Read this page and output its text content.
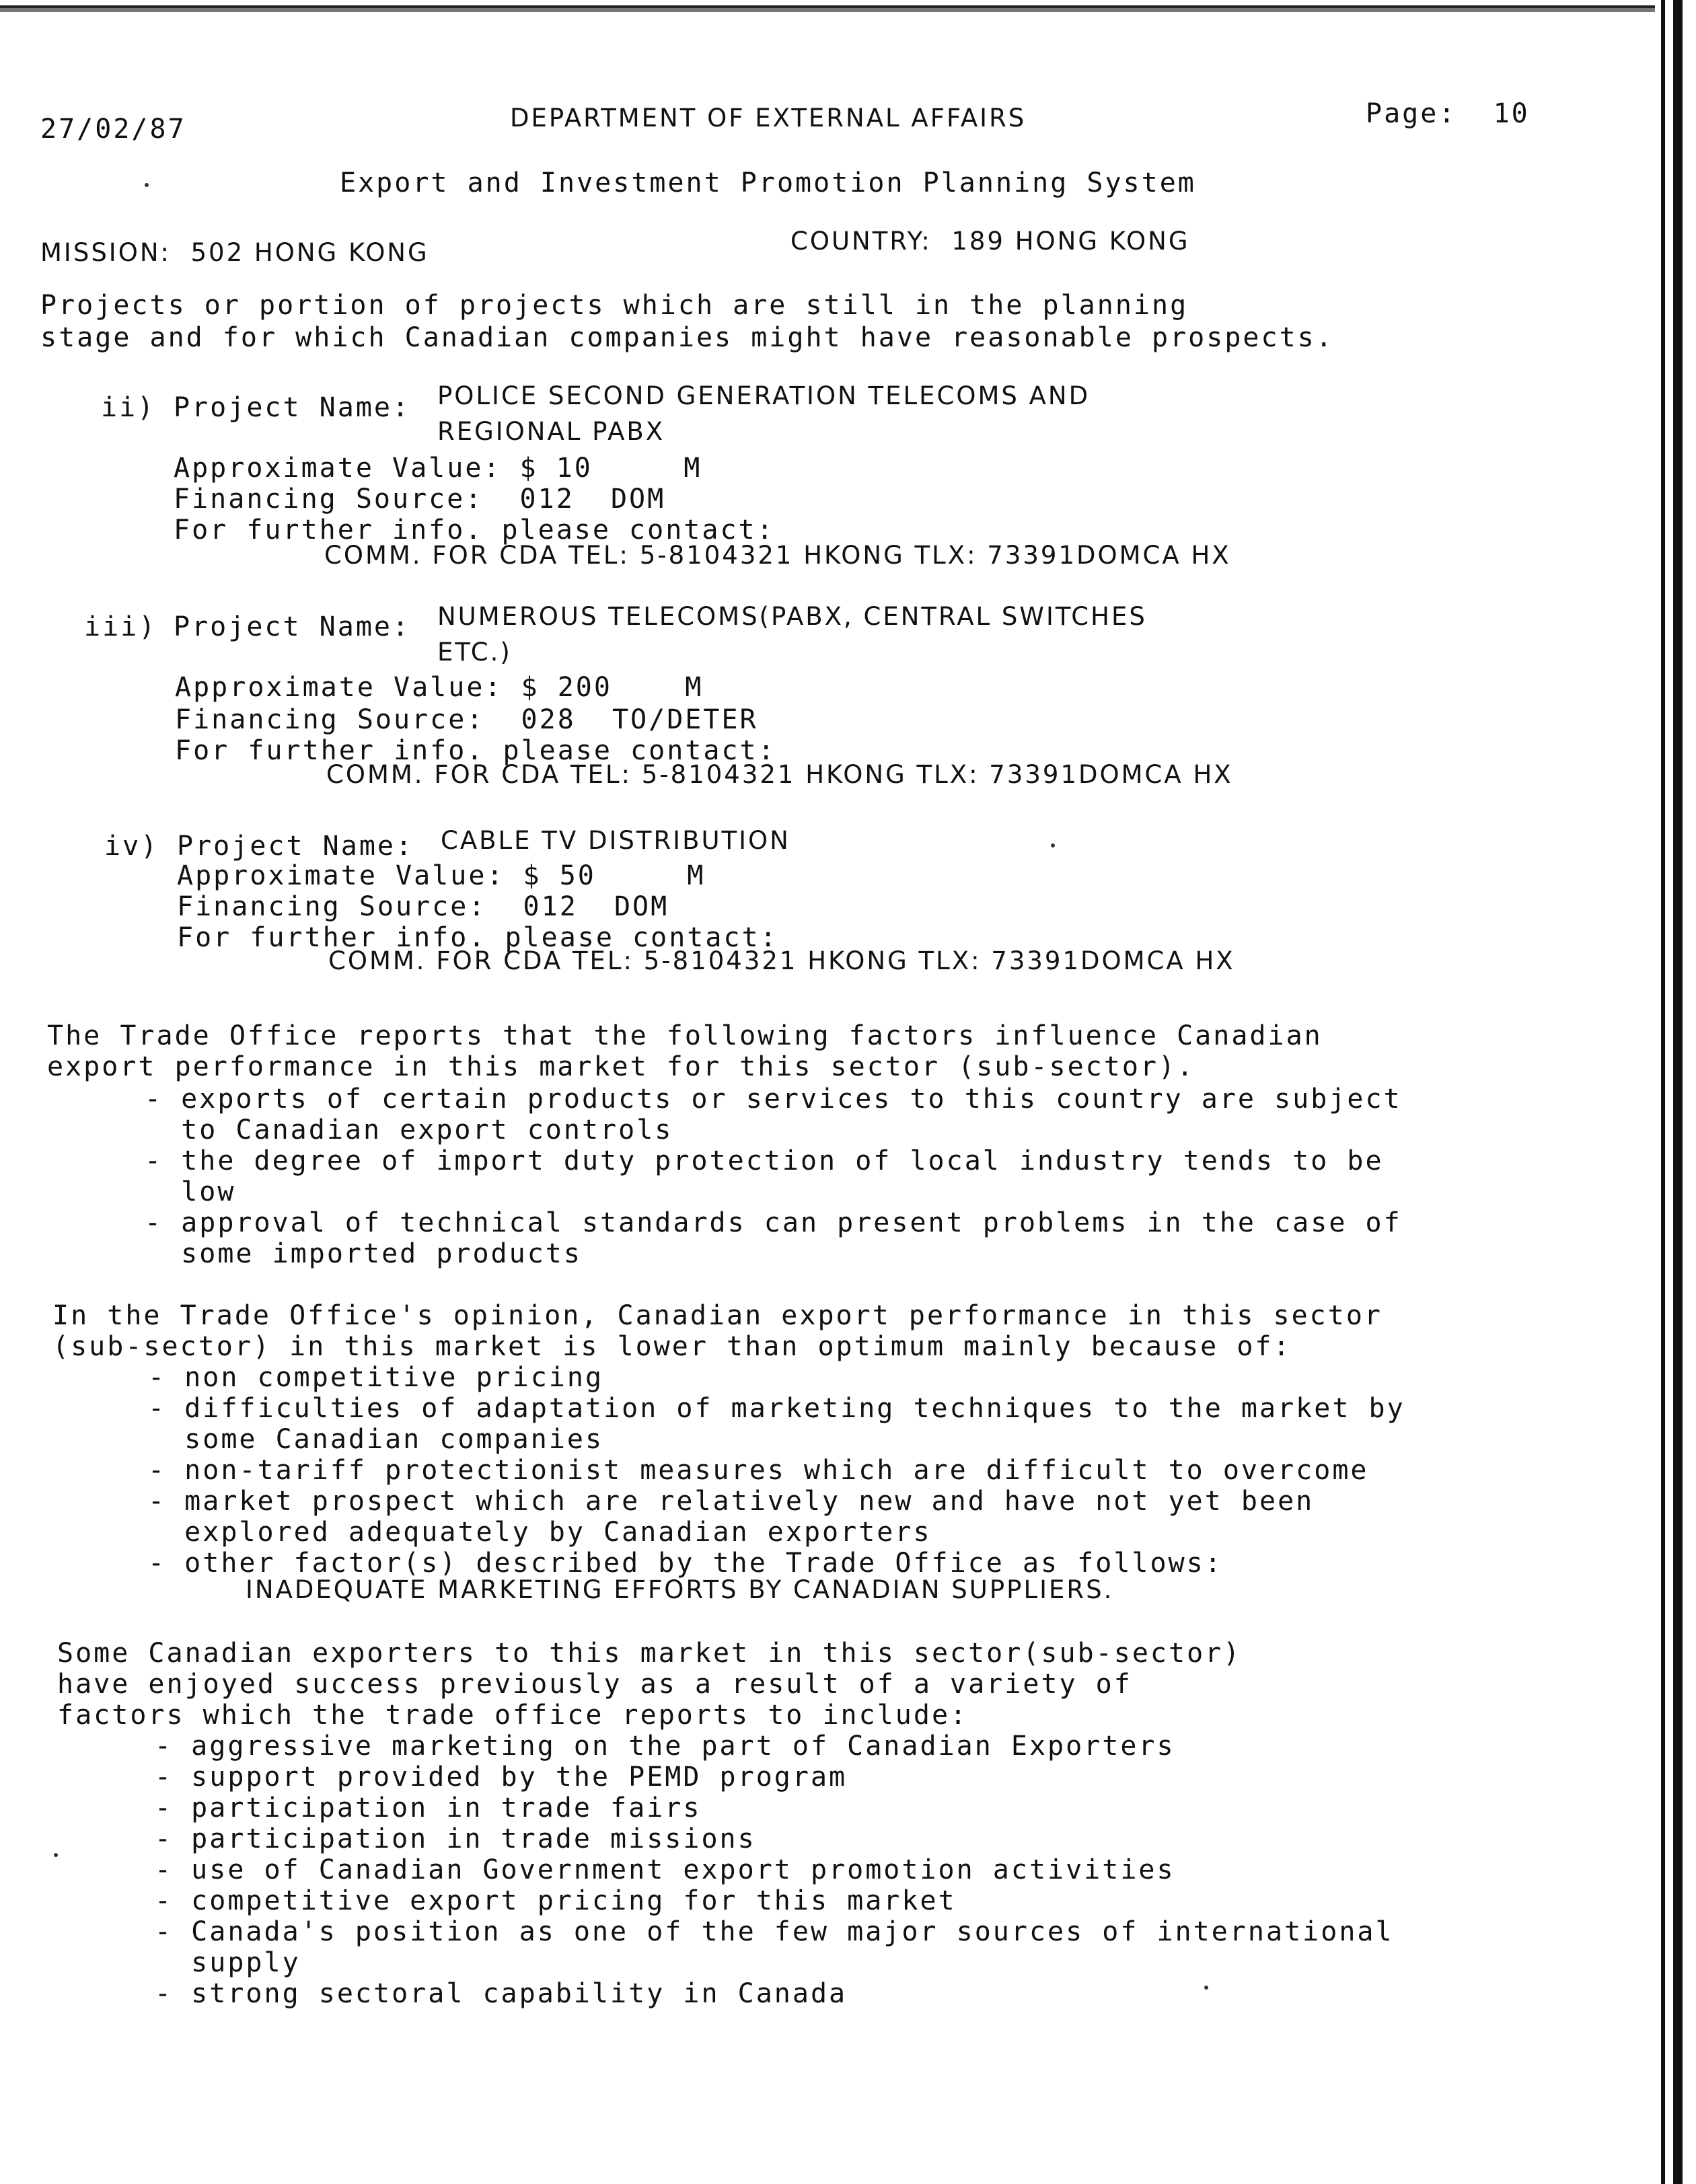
27/02/87	DEPARTMENT OF EXTERNAL AFFAIRS	Page:  10
Export and Investment Promotion Planning System
MISSION:  502 HONG KONG	COUNTRY:  189 HONG KONG
Projects or portion of projects which are still in the planning
stage and for which Canadian companies might have reasonable prospects.
ii) Project Name: POLICE SECOND GENERATION TELECOMS AND
REGIONAL PABX
Approximate Value: $ 10     M
Financing Source:  012  DOM
For further info. please contact:
COMM. FOR CDA TEL: 5-8104321 HKONG TLX: 73391DOMCA HX
iii) Project Name: NUMEROUS TELECOMS(PABX, CENTRAL SWITCHES
ETC.)
Approximate Value: $ 200    M
Financing Source:  028  TO/DETER
For further info. please contact:
COMM. FOR CDA TEL: 5-8104321 HKONG TLX: 73391DOMCA HX
iv) Project Name: CABLE TV DISTRIBUTION
Approximate Value: $ 50     M
Financing Source:  012  DOM
For further info. please contact:
COMM. FOR CDA TEL: 5-8104321 HKONG TLX: 73391DOMCA HX
The Trade Office reports that the following factors influence Canadian
export performance in this market for this sector (sub-sector).
- exports of certain products or services to this country are subject
to Canadian export controls
- the degree of import duty protection of local industry tends to be
low
- approval of technical standards can present problems in the case of
some imported products
In the Trade Office's opinion, Canadian export performance in this sector
(sub-sector) in this market is lower than optimum mainly because of:
- non competitive pricing
- difficulties of adaptation of marketing techniques to the market by
some Canadian companies
- non-tariff protectionist measures which are difficult to overcome
- market prospect which are relatively new and have not yet been
explored adequately by Canadian exporters
- other factor(s) described by the Trade Office as follows:
INADEQUATE MARKETING EFFORTS BY CANADIAN SUPPLIERS.
Some Canadian exporters to this market in this sector(sub-sector)
have enjoyed success previously as a result of a variety of
factors which the trade office reports to include:
- aggressive marketing on the part of Canadian Exporters
- support provided by the PEMD program
- participation in trade fairs
- participation in trade missions
- use of Canadian Government export promotion activities
- competitive export pricing for this market
- Canada's position as one of the few major sources of international
supply
- strong sectoral capability in Canada
